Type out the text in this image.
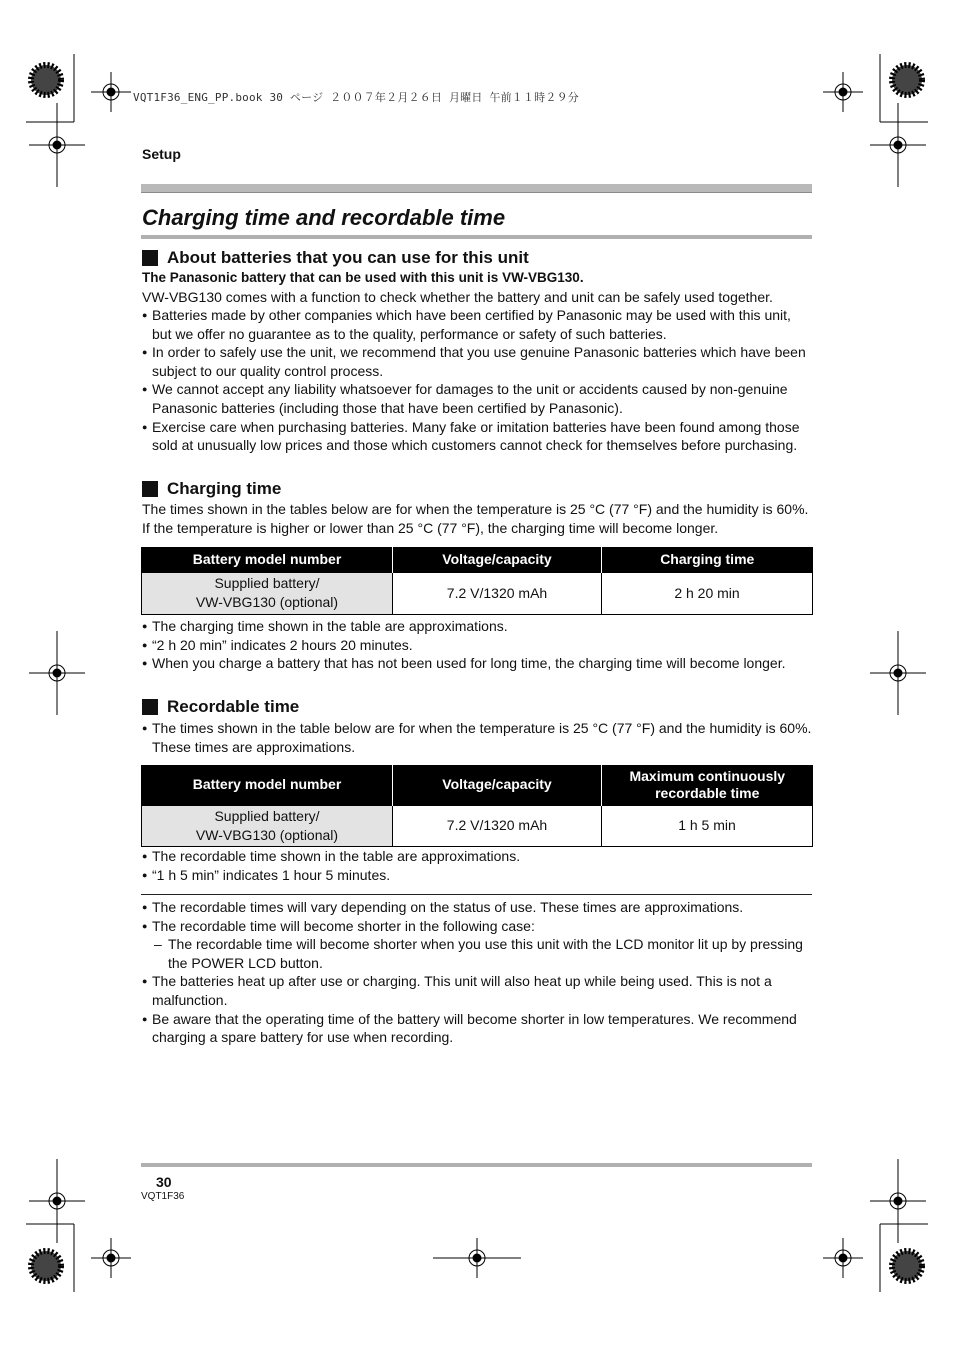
VQT1F36_ENG_PP.book 30 ページ ２００７年２月２６日 月曜日 午前１１時２９分
Setup
Charging time and recordable time
About batteries that you can use for this unit
The Panasonic battery that can be used with this unit is VW-VBG130.
VW-VBG130 comes with a function to check whether the battery and unit can be safely used together.
● Batteries made by other companies which have been certified by Panasonic may be used with this unit, but we offer no guarantee as to the quality, performance or safety of such batteries.
● In order to safely use the unit, we recommend that you use genuine Panasonic batteries which have been subject to our quality control process.
● We cannot accept any liability whatsoever for damages to the unit or accidents caused by non-genuine Panasonic batteries (including those that have been certified by Panasonic).
● Exercise care when purchasing batteries. Many fake or imitation batteries have been found among those sold at unusually low prices and those which customers cannot check for themselves before purchasing.
Charging time
The times shown in the tables below are for when the temperature is 25 °C (77 °F) and the humidity is 60%. If the temperature is higher or lower than 25 °C (77 °F), the charging time will become longer.
Battery model number	Voltage/capacity	Charging time

Supplied battery/
VW-VBG130 (optional)	7.2 V/1320 mAh	2 h 20 min
● The charging time shown in the table are approximations.
● “2 h 20 min” indicates 2 hours 20 minutes.
● When you charge a battery that has not been used for long time, the charging time will become longer.
Recordable time
● The times shown in the table below are for when the temperature is 25 °C (77 °F) and the humidity is 60%. These times are approximations.
Battery model number	Voltage/capacity	Maximum continuously
recordable time

Supplied battery/
VW-VBG130 (optional)	7.2 V/1320 mAh	1 h 5 min
● The recordable time shown in the table are approximations.
● “1 h 5 min” indicates 1 hour 5 minutes.
● The recordable times will vary depending on the status of use. These times are approximations.
● The recordable time will become shorter in the following case:
– The recordable time will become shorter when you use this unit with the LCD monitor lit up by pressing the POWER LCD button.
● The batteries heat up after use or charging. This unit will also heat up while being used. This is not a malfunction.
● Be aware that the operating time of the battery will become shorter in low temperatures. We recommend charging a spare battery for use when recording.
30
VQT1F36
